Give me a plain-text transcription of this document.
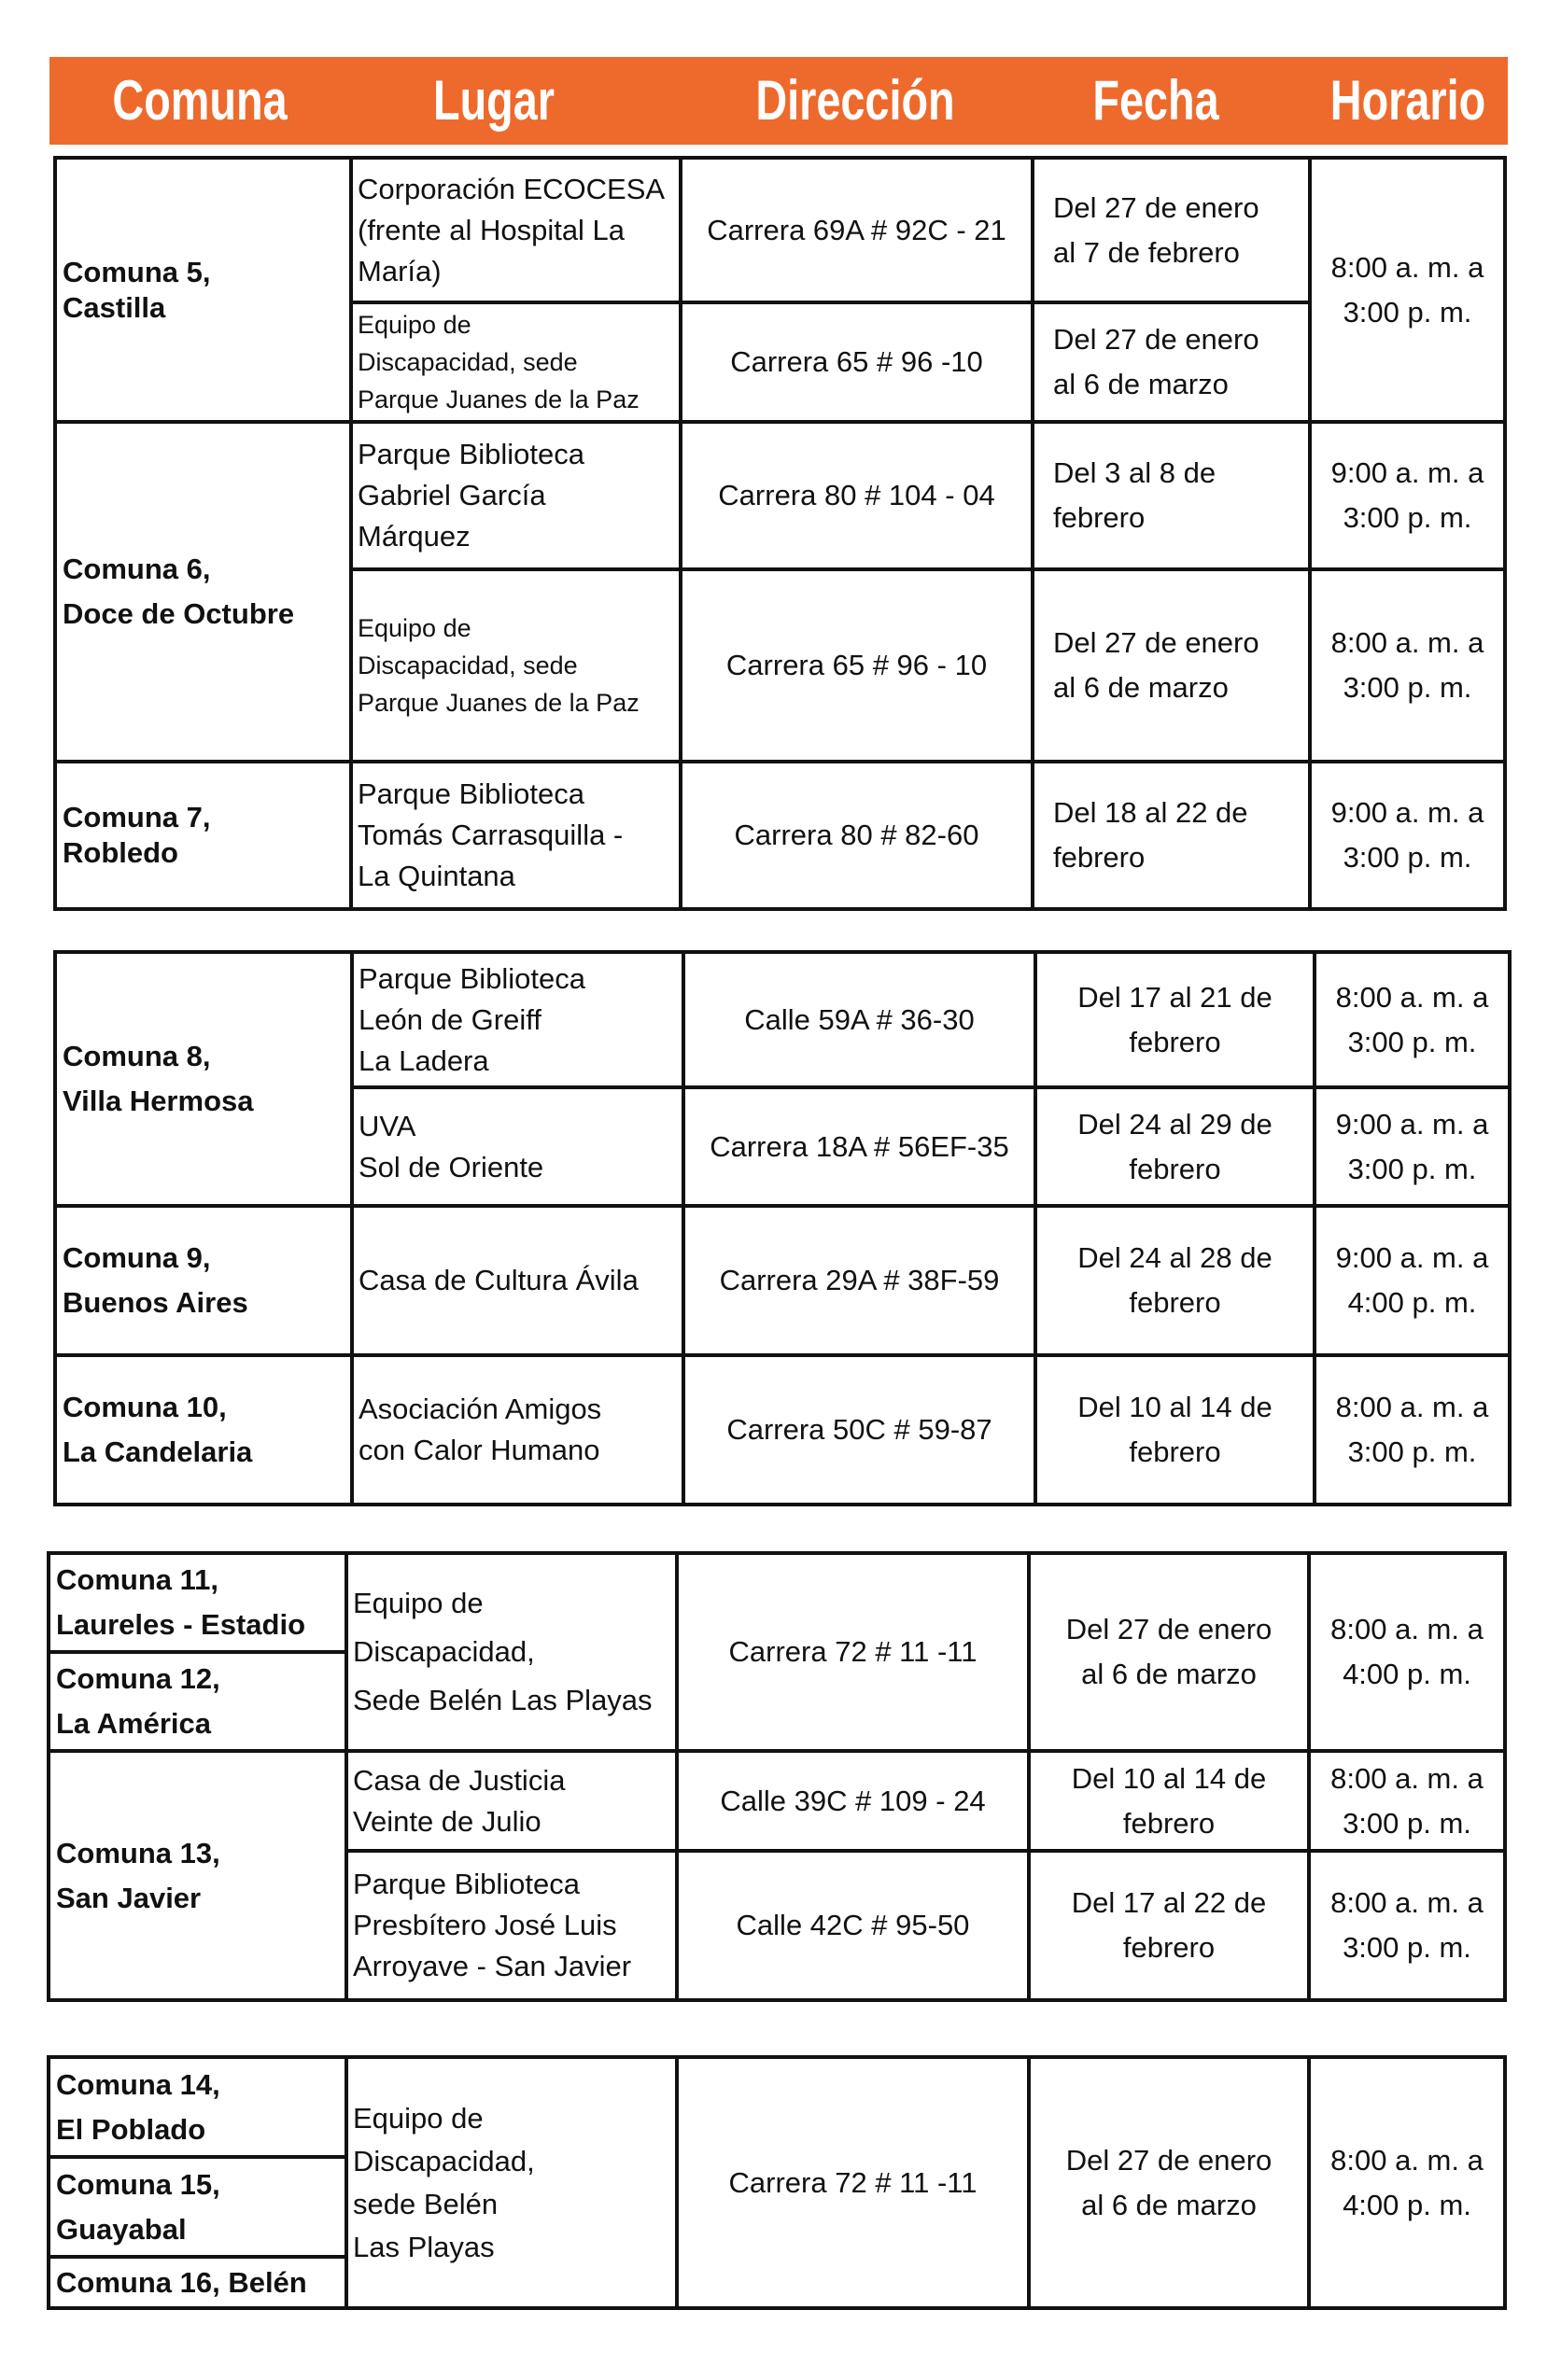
Comuna	Lugar	Dirección Fecha Horario
Comuna 5,
Castilla	Corporación ECOCESA
(frente al Hospital La
María)	Carrera 69A # 92C - 21	Del 27 de enero
al 7 de febrero	8:00 a. m. a
3:00 p. m.
	Equipo de
Discapacidad, sede
Parque Juanes de la Paz	Carrera 65 # 96 -10	Del 27 de enero
al 6 de marzo	
Comuna 6,
Doce de Octubre	Parque Biblioteca
Gabriel García
Márquez	Carrera 80 # 104 - 04	Del 3 al 8 de
febrero	9:00 a. m. a
3:00 p. m.
	Equipo de
Discapacidad, sede
Parque Juanes de la Paz	Carrera 65 # 96 - 10	Del 27 de enero
al 6 de marzo	8:00 a. m. a
3:00 p. m.
Comuna 7,
Robledo	Parque Biblioteca
Tomás Carrasquilla -
La Quintana	Carrera 80 # 82-60	Del 18 al 22 de
febrero	9:00 a. m. a
3:00 p. m.
Comuna 8,
Villa Hermosa	Parque Biblioteca
León de Greiff
La Ladera	Calle 59A # 36-30	Del 17 al 21 de
febrero	8:00 a. m. a
3:00 p. m.
	UVA
Sol de Oriente	Carrera 18A # 56EF-35	Del 24 al 29 de
febrero	9:00 a. m. a
3:00 p. m.
Comuna 9,
Buenos Aires	Casa de Cultura Ávila	Carrera 29A # 38F-59	Del 24 al 28 de
febrero	9:00 a. m. a
4:00 p. m.
Comuna 10,
La Candelaria	Asociación Amigos
con Calor Humano	Carrera 50C # 59-87	Del 10 al 14 de
febrero	8:00 a. m. a
3:00 p. m.
Comuna 11,
Laureles - Estadio	Equipo de
Discapacidad,
Sede Belén Las Playas	Carrera 72 # 11 -11	Del 27 de enero
al 6 de marzo	8:00 a. m. a
4:00 p. m.
Comuna 12,
La América				
Comuna 13,
San Javier	Casa de Justicia
Veinte de Julio	Calle 39C # 109 - 24	Del 10 al 14 de
febrero	8:00 a. m. a
3:00 p. m.
	Parque Biblioteca
Presbítero José Luis
Arroyave - San Javier	Calle 42C # 95-50	Del 17 al 22 de
febrero	8:00 a. m. a
3:00 p. m.
Comuna 14,
El Poblado	Equipo de
Discapacidad,
sede Belén
Las Playas	Carrera 72 # 11 -11	Del 27 de enero
al 6 de marzo	8:00 a. m. a
4:00 p. m.
Comuna 15,
Guayabal
Comuna 16, Belén
